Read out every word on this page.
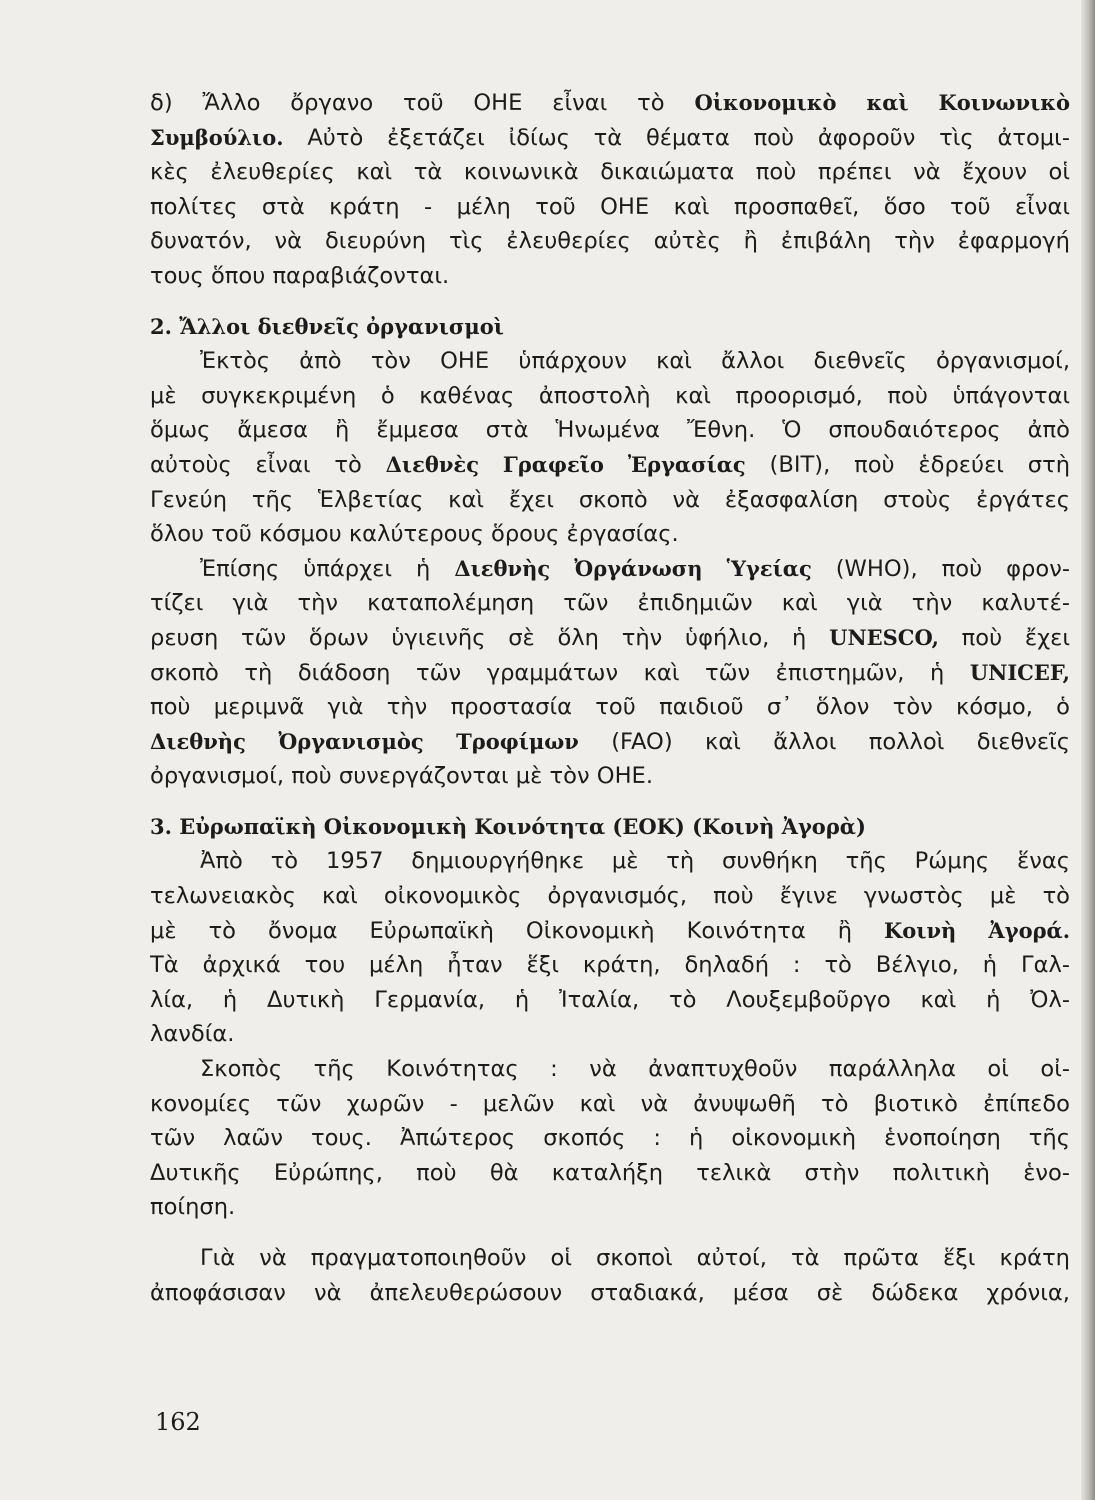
δ) Ἄλλο ὄργανο τοῦ ΟΗΕ εἶναι τὸ Οἰκονομικὸ καὶ Κοινωνικὸ
Συμβούλιο. Αὐτὸ ἐξετάζει ἰδίως τὰ θέματα ποὺ ἀφοροῦν τὶς ἀτομι-
κὲς ἐλευθερίες καὶ τὰ κοινωνικὰ δικαιώματα ποὺ πρέπει νὰ ἔχουν οἱ
πολίτες στὰ κράτη - μέλη τοῦ ΟΗΕ καὶ προσπαθεῖ, ὅσο τοῦ εἶναι
δυνατόν, νὰ διευρύνη τὶς ἐλευθερίες αὐτὲς ἢ ἐπιβάλη τὴν ἐφαρμογή
τους ὅπου παραβιάζονται.
2. Ἄλλοι διεθνεῖς ὀργανισμοὶ
Ἐκτὸς ἀπὸ τὸν ΟΗΕ ὑπάρχουν καὶ ἄλλοι διεθνεῖς ὀργανισμοί,
μὲ συγκεκριμένη ὁ καθένας ἀποστολὴ καὶ προορισμό, ποὺ ὑπάγονται
ὅμως ἄμεσα ἢ ἔμμεσα στὰ Ἡνωμένα Ἔθνη. Ὁ σπουδαιότερος ἀπὸ
αὐτοὺς εἶναι τὸ Διεθνὲς Γραφεῖο Ἐργασίας (ΒΙΤ), ποὺ ἑδρεύει στὴ
Γενεύη τῆς Ἑλβετίας καὶ ἔχει σκοπὸ νὰ ἐξασφαλίση στοὺς ἐργάτες
ὅλου τοῦ κόσμου καλύτερους ὅρους ἐργασίας.
Ἐπίσης ὑπάρχει ἡ Διεθνὴς Ὀργάνωση Ὑγείας (WHO), ποὺ φρον-
τίζει γιὰ τὴν καταπολέμηση τῶν ἐπιδημιῶν καὶ γιὰ τὴν καλυτέ-
ρευση τῶν ὅρων ὑγιεινῆς σὲ ὅλη τὴν ὑφήλιο, ἡ UNESCO, ποὺ ἔχει
σκοπὸ τὴ διάδοση τῶν γραμμάτων καὶ τῶν ἐπιστημῶν, ἡ UNICEF,
ποὺ μεριμνᾶ γιὰ τὴν προστασία τοῦ παιδιοῦ σ᾽ ὅλον τὸν κόσμο, ὁ
Διεθνὴς Ὀργανισμὸς Τροφίμων (FAO) καὶ ἄλλοι πολλοὶ διεθνεῖς
ὀργανισμοί, ποὺ συνεργάζονται μὲ τὸν ΟΗΕ.
3. Εὐρωπαϊκὴ Οἰκονομικὴ Κοινότητα (ΕΟΚ) (Κοινὴ Ἀγορὰ)
Ἀπὸ τὸ 1957 δημιουργήθηκε μὲ τὴ συνθήκη τῆς Ρώμης ἕνας
τελωνειακὸς καὶ οἰκονομικὸς ὀργανισμός, ποὺ ἔγινε γνωστὸς μὲ τὸ
μὲ τὸ ὄνομα Εὐρωπαϊκὴ Οἰκονομικὴ Κοινότητα ἢ Κοινὴ Ἀγορά.
Τὰ ἀρχικά του μέλη ἦταν ἕξι κράτη, δηλαδή : τὸ Βέλγιο, ἡ Γαλ-
λία, ἡ Δυτικὴ Γερμανία, ἡ Ἰταλία, τὸ Λουξεμβοῦργο καὶ ἡ Ὀλ-
λανδία.
Σκοπὸς τῆς Κοινότητας : νὰ ἀναπτυχθοῦν παράλληλα οἱ οἰ-
κονομίες τῶν χωρῶν - μελῶν καὶ νὰ ἀνυψωθῆ τὸ βιοτικὸ ἐπίπεδο
τῶν λαῶν τους. Ἀπώτερος σκοπός : ἡ οἰκονομικὴ ἑνοποίηση τῆς
Δυτικῆς Εὐρώπης, ποὺ θὰ καταλήξη τελικὰ στὴν πολιτικὴ ἑνο-
ποίηση.
Γιὰ νὰ πραγματοποιηθοῦν οἱ σκοποὶ αὐτοί, τὰ πρῶτα ἕξι κράτη
ἀποφάσισαν νὰ ἀπελευθερώσουν σταδιακά, μέσα σὲ δώδεκα χρόνια,
162
